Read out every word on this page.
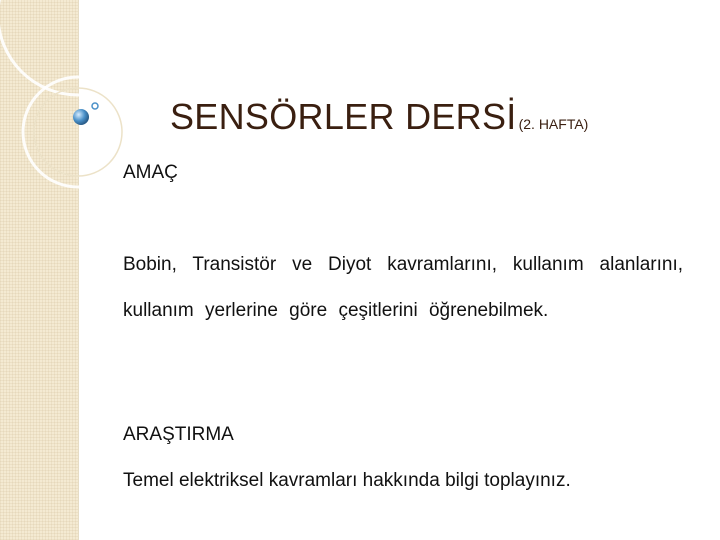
SENSÖRLER DERSİ (2. HAFTA)
AMAÇ
Bobin, Transistör ve Diyot kavramlarını, kullanım alanlarını, kullanım yerlerine göre çeşitlerini öğrenebilmek.
ARAŞTIRMA
Temel elektriksel kavramları hakkında bilgi toplayınız.
